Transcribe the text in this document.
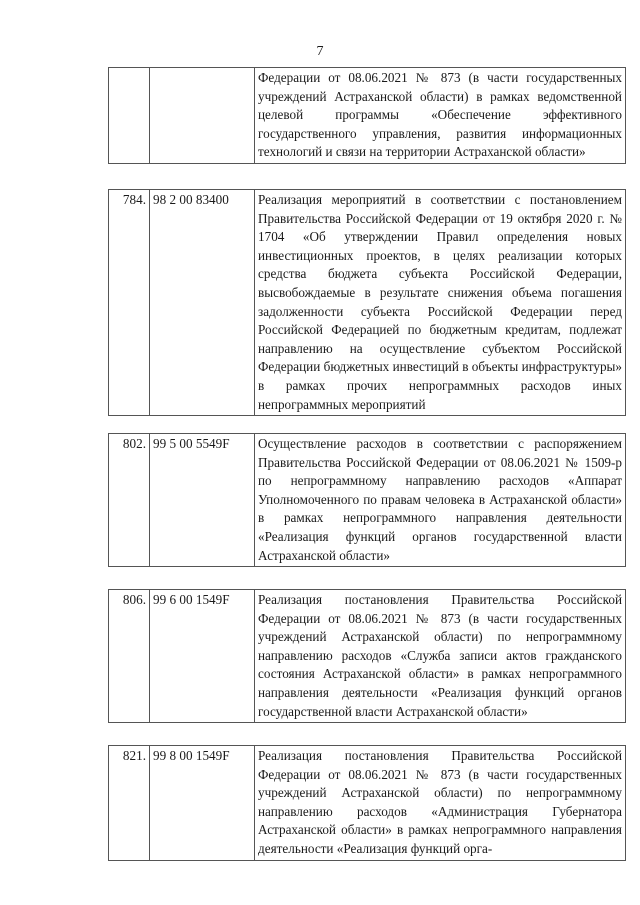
7
		Федерации от 08.06.2021 № 873 (в части государственных учреждений Астраханской области) в рамках ведомственной целевой программы «Обеспечение эффективного государственного управления, развития информационных технологий и связи на территории Астраханской области»
784.	98 2 00 83400	Реализация мероприятий в соответствии с постановлением Правительства Российской Федерации от 19 октября 2020 г. № 1704 «Об утверждении Правил определения новых инвестиционных проектов, в целях реализации которых средства бюджета субъекта Российской Федерации, высвобождаемые в результате снижения объема погашения задолженности субъекта Российской Федерации перед Российской Федерацией по бюджетным кредитам, подлежат направлению на осуществление субъектом Российской Федерации бюджетных инвестиций в объекты инфраструктуры» в рамках прочих непрограммных расходов иных непрограммных мероприятий
802.	99 5 00 5549F	Осуществление расходов в соответствии с распоряжением Правительства Российской Федерации от 08.06.2021 № 1509-р по непрограммному направлению расходов «Аппарат Уполномоченного по правам человека в Астраханской области» в рамках непрограммного направления деятельности «Реализация функций органов государственной власти Астраханской области»
806.	99 6 00 1549F	Реализация постановления Правительства Российской Федерации от 08.06.2021 № 873 (в части государственных учреждений Астраханской области) по непрограммному направлению расходов «Служба записи актов гражданского состояния Астраханской области» в рамках непрограммного направления деятельности «Реализация функций органов государственной власти Астраханской области»
821.	99 8 00 1549F	Реализация постановления Правительства Российской Федерации от 08.06.2021 № 873 (в части государственных учреждений Астраханской области) по непрограммному направлению расходов «Администрация Губернатора Астраханской области» в рамках непрограммного направления деятельности «Реализация функций орга-
